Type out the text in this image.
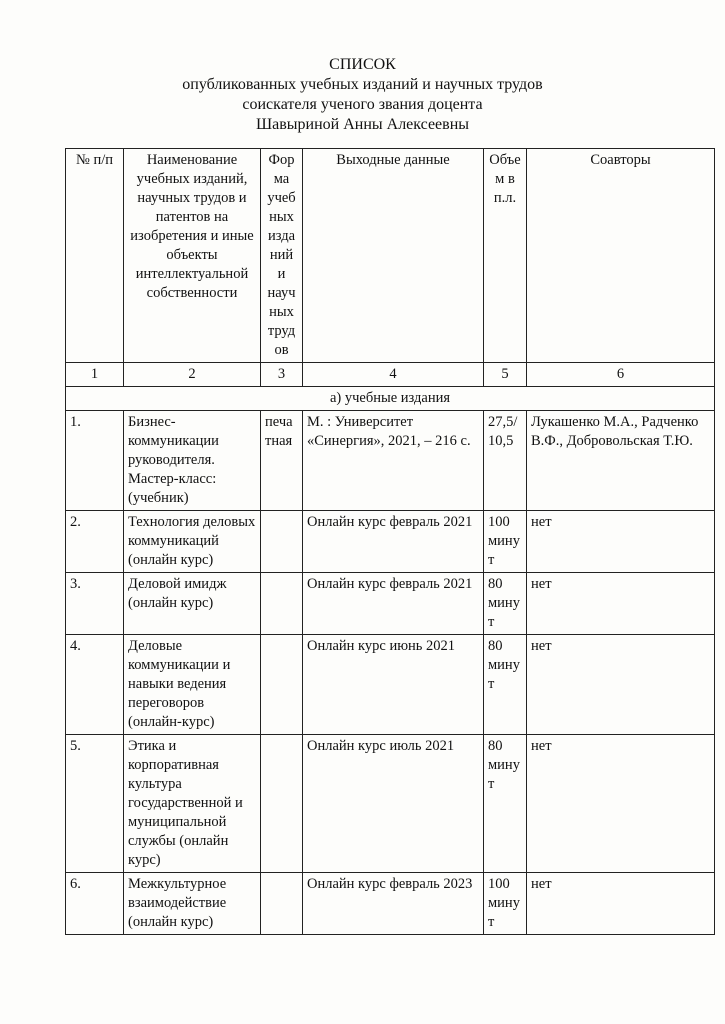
СПИСОК
опубликованных учебных изданий и научных трудов
соискателя ученого звания доцента
Шавыриной Анны Алексеевны
№ п/п	Наименование учебных изданий, научных трудов и патентов на изобретения и иные объекты интеллектуальной собственности	Форма учебных изданий и научных трудов	Выходные данные	Объем в п.л.	Соавторы
1	2	3	4	5	6
а) учебные издания					
1.	Бизнес-коммуникации руководителя. Мастер-класс: (учебник)	печатная	М. : Университет «Синергия», 2021, – 216 с.	27,5/10,5	Лукашенко М.А., Радченко В.Ф., Добровольская Т.Ю.
2.	Технология деловых коммуникаций (онлайн курс)		Онлайн курс февраль 2021	100 минут	нет
3.	Деловой имидж (онлайн курс)		Онлайн курс февраль 2021	80 минут	нет
4.	Деловые коммуникации и навыки ведения переговоров (онлайн-курс)		Онлайн курс июнь 2021	80 минут	нет
5.	Этика и корпоративная культура государственной и муниципальной службы (онлайн курс)		Онлайн курс июль 2021	80 минут	нет
6.	Межкультурное взаимодействие (онлайн курс)		Онлайн курс февраль 2023	100 минут	нет
